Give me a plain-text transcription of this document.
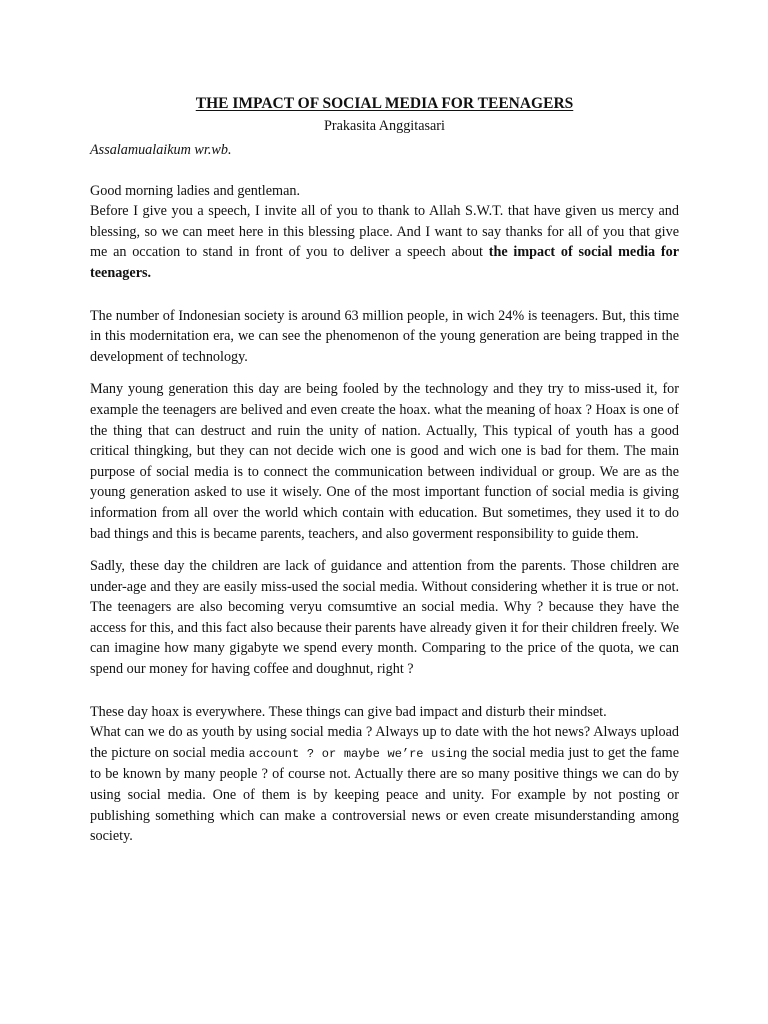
THE IMPACT OF SOCIAL MEDIA FOR TEENAGERS
Prakasita Anggitasari
Assalamualaikum wr.wb.

Good morning ladies and gentleman.

Before I give you a speech, I invite all of you to thank to Allah S.W.T. that have given us mercy and blessing, so we can meet here in this blessing place. And I want to say thanks for all of you that give me an occation to stand in front of you to deliver a speech about the impact of social media for teenagers.

The number of Indonesian society is around 63 million people, in wich 24% is teenagers. But, this time in this modernitation era, we can see the phenomenon of the young generation are being trapped in the development of technology.

Many young generation this day are being fooled by the technology and they try to miss-used it, for example the teenagers are belived and even create the hoax. what the meaning of hoax ? Hoax is one of the thing that can destruct and ruin the unity of nation. Actually, This typical of youth has a good critical thingking, but they can not decide wich one is good and wich one is bad for them. The main purpose of social media is to connect the communication between individual or group. We are as the young generation asked to use it wisely. One of the most important function of social media is giving information from all over the world which contain with education. But sometimes, they used it to do bad things and this is became parents, teachers, and also goverment responsibility to guide them.

Sadly, these day the children are lack of guidance and attention from the parents. Those children are under-age and they are easily miss-used the social media. Without considering whether it is true or not. The teenagers are also becoming veryu comsumtive an social media. Why ? because they have the access for this, and this fact also because their parents have already given it for their children freely. We can imagine how many gigabyte we spend every month. Comparing to the price of the quota, we can spend our money for having coffee and doughnut, right ?

These day hoax is everywhere. These things can give bad impact and disturb their mindset.

What can we do as youth by using social media ? Always up to date with the hot news? Always upload the picture on social media account ? or maybe we’re using the social media just to get the fame to be known by many people ? of course not. Actually there are so many positive things we can do by using social media. One of them is by keeping peace and unity. For example by not posting or publishing something which can make a controversial news or even create misunderstanding among society.
